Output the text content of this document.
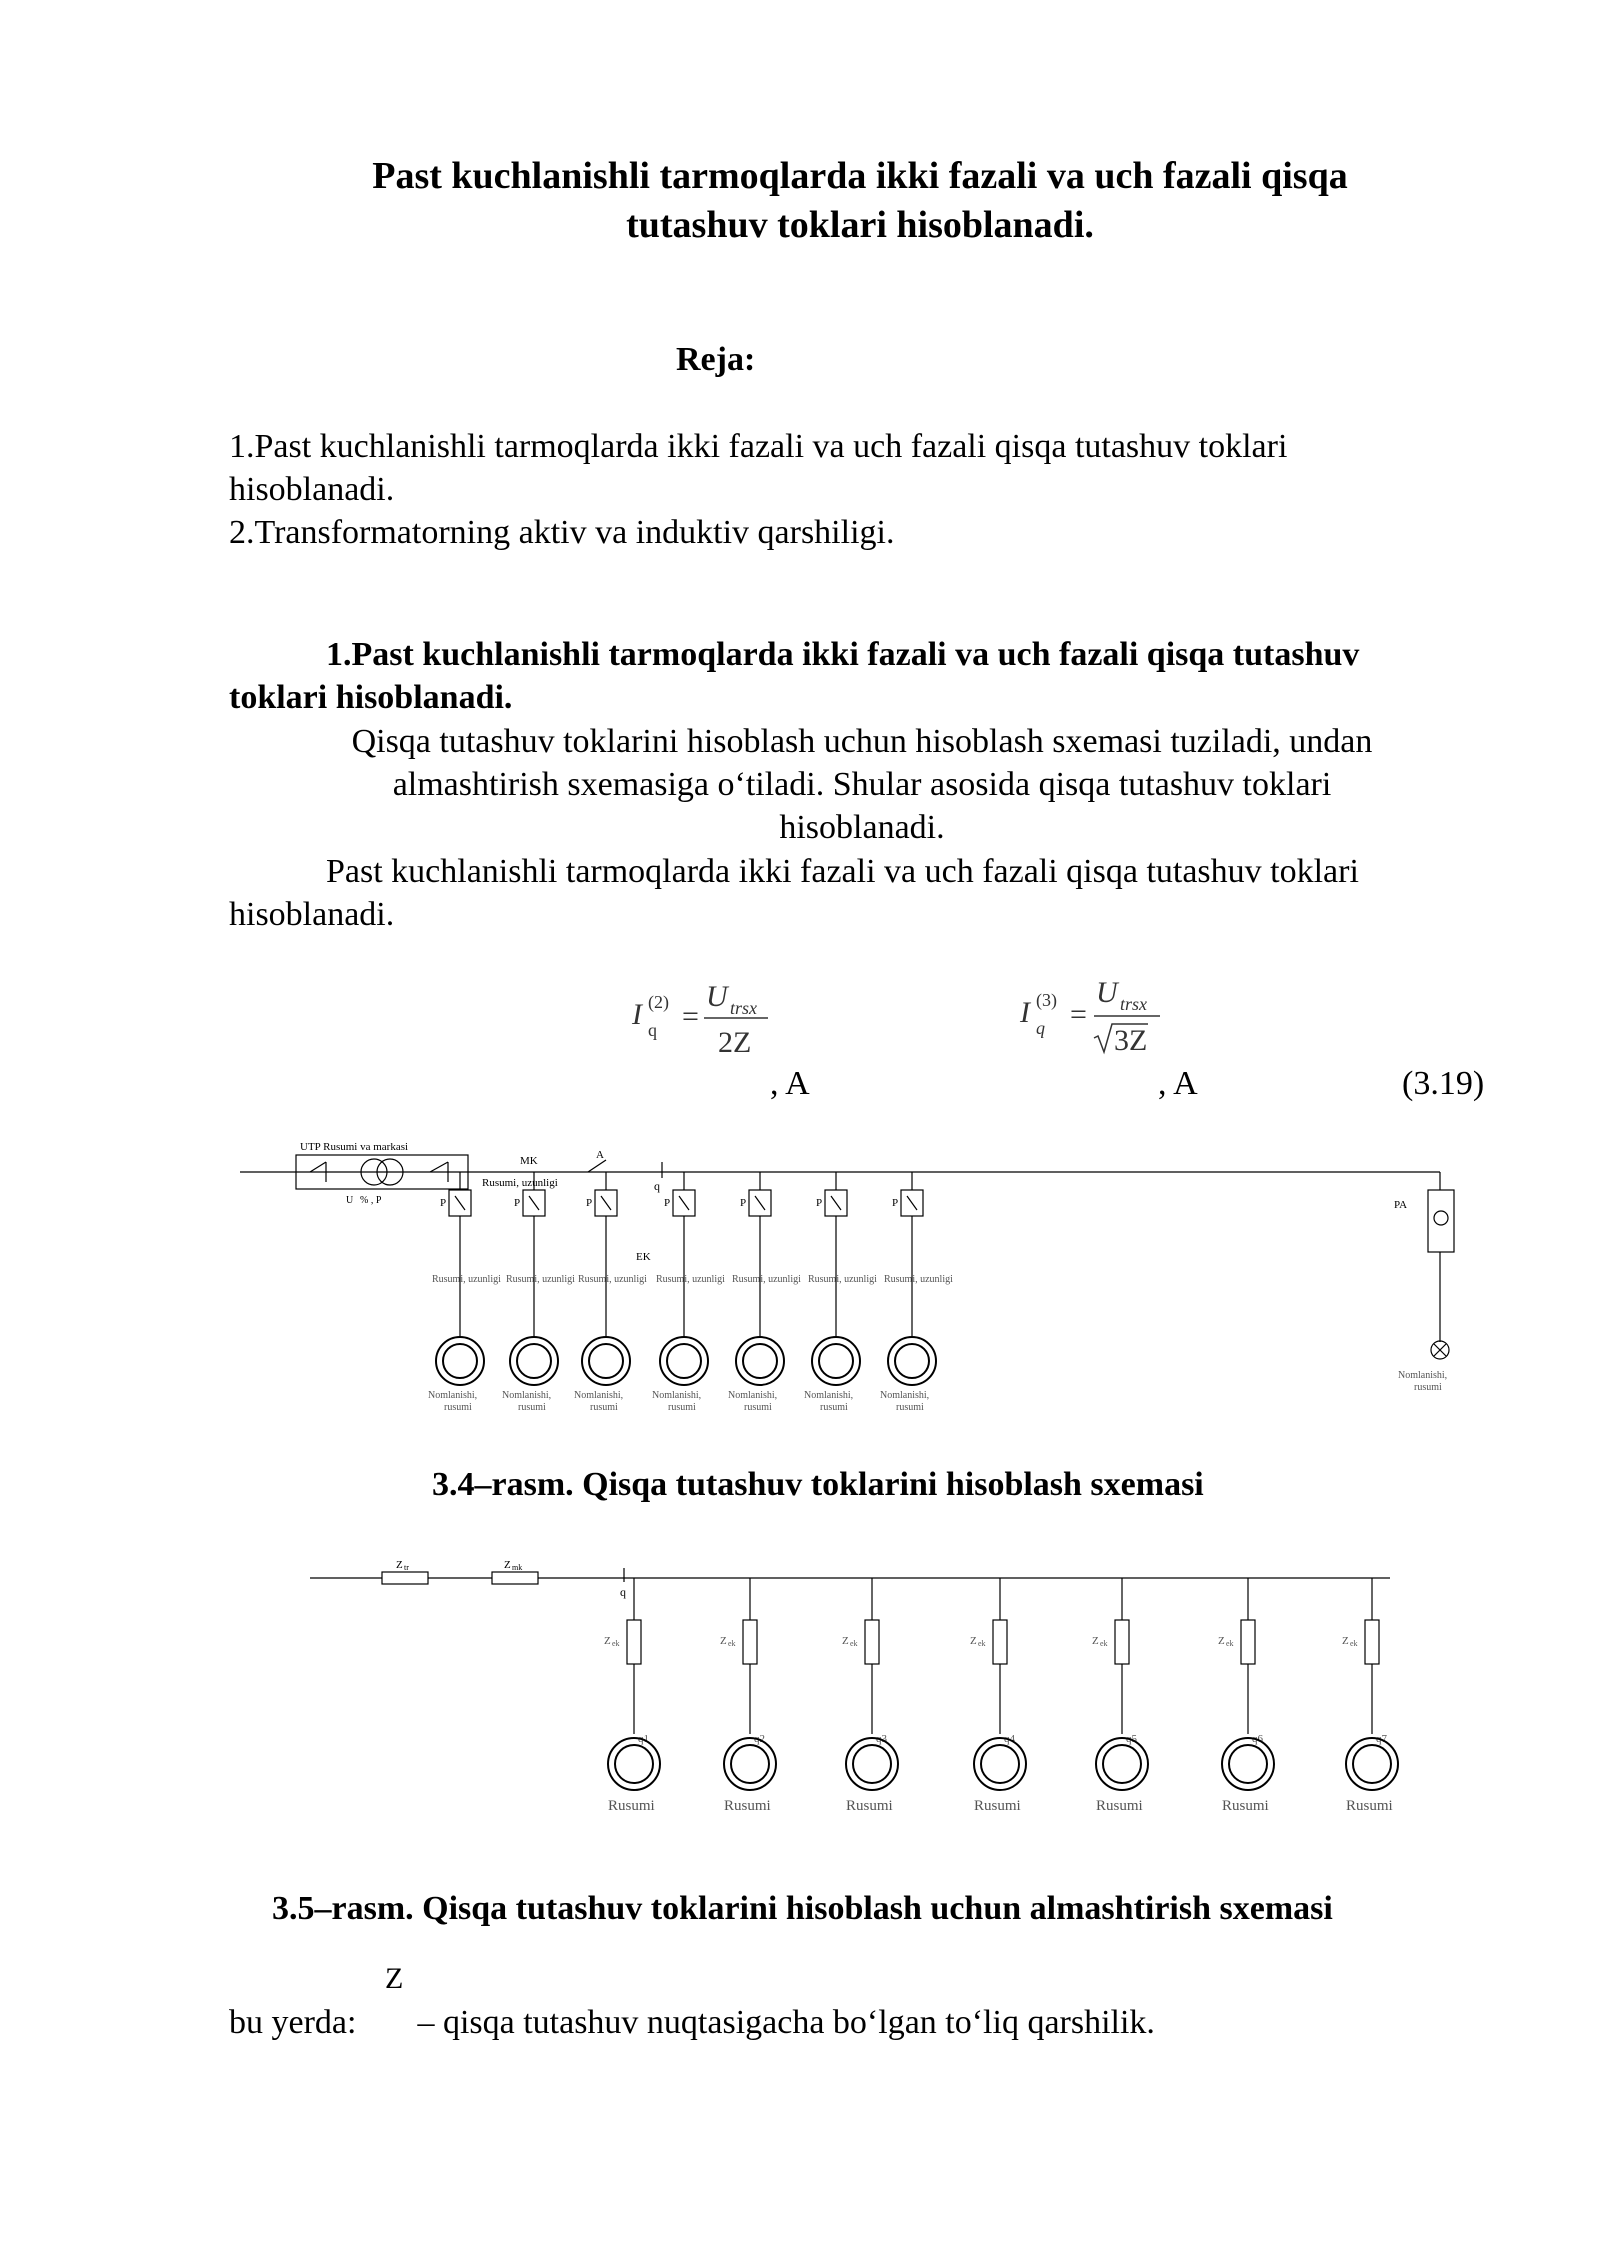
Past kuchlanishli tarmoqlarda ikki fazali va uch fazali qisqa
tutashuv toklari hisoblanadi.
Reja:
1.Past kuchlanishli tarmoqlarda ikki fazali va uch fazali qisqa tutashuv toklari
hisoblanadi.
2.Transformatorning aktiv va induktiv qarshiligi.
1.Past kuchlanishli tarmoqlarda ikki fazali va uch fazali qisqa tutashuv
toklari hisoblanadi.
Qisqa tutashuv toklarini hisoblash uchun hisoblash sxemasi tuziladi, undan
almashtirish sxemasiga o‘tiladi. Shular asosida qisqa tutashuv toklari
hisoblanadi.
Past kuchlanishli tarmoqlarda ikki fazali va uch fazali qisqa tutashuv toklari
hisoblanadi.
I (2)
q =
U trsx
2Z
, A
I (3)
q =
U trsx
3Z
, A	(3.19)
UTP Rusumi va markasi
U % , P
MK
Rusumi, uzunligi
A
q
EK
PA
Nomlanishi,
rusumi
P
Rusumi, uzunligi
Nomlanishi,
rusumi
P
Rusumi, uzunligi
Nomlanishi,
rusumi
P
Rusumi, uzunligi
Nomlanishi,
rusumi
P
Rusumi, uzunligi
Nomlanishi,
rusumi
P
Rusumi, uzunligi
Nomlanishi,
rusumi
P
Rusumi, uzunligi
Nomlanishi,
rusumi
P
Rusumi, uzunligi
Nomlanishi,
rusumi
3.4–rasm. Qisqa tutashuv toklarini hisoblash sxemasi
Z tr	Z mk
q
Z ek
q1
Rusumi
Z ek
q2
Rusumi
Z ek
q3
Rusumi
Z ek
q4
Rusumi
Z ek
q5
Rusumi
Z ek
q6
Rusumi
Z ek
q7
Rusumi
3.5–rasm. Qisqa tutashuv toklarini hisoblash uchun almashtirish sxemasi
Z
bu yerda: – qisqa tutashuv nuqtasigacha bo‘lgan to‘liq qarshilik.
